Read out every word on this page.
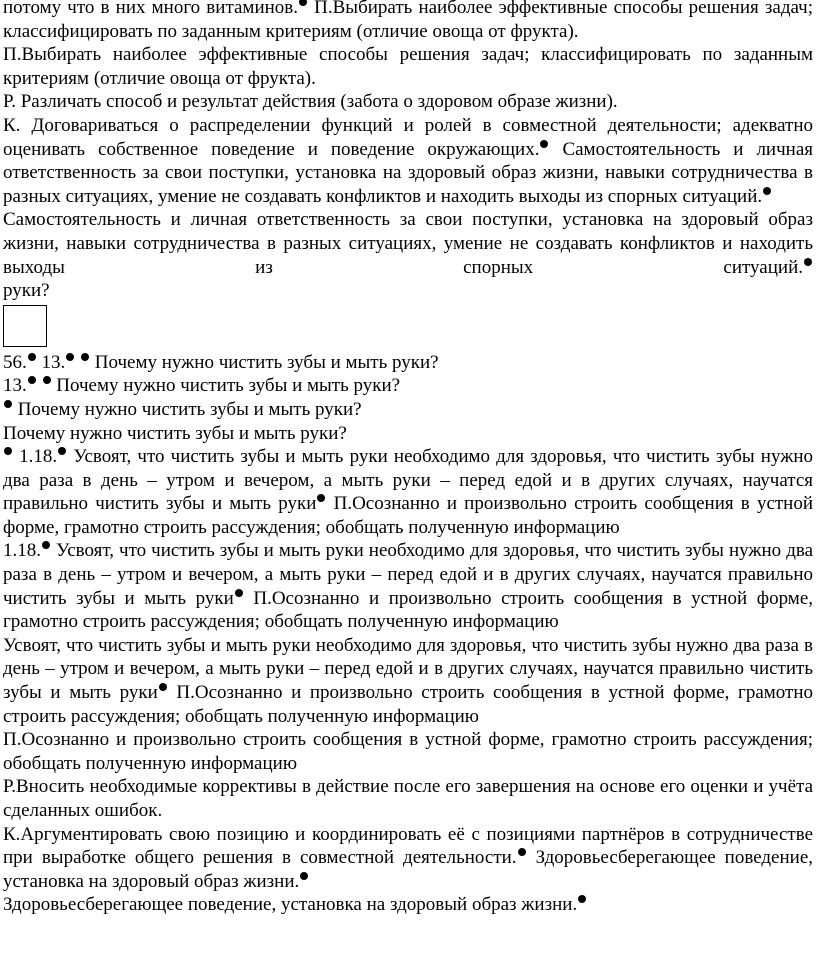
потому что в них много витаминов. П.Выбирать наиболее эффективные способы решения задач; классифицировать по заданным критериям (отличие овоща от фрукта).

П.Выбирать наиболее эффективные способы решения задач; классифицировать по заданным критериям (отличие овоща от фрукта).

Р. Различать способ и результат действия (забота о здоровом образе жизни).

К. Договариваться о распределении функций и ролей в совместной деятельности; адекватно оценивать собственное поведение и поведение окружающих. Самостоятельность и личная ответственность за свои поступки, установка на здоровый образ жизни, навыки сотрудничества в разных ситуациях, умение не создавать конфликтов и находить выходы из спорных ситуаций.

Самостоятельность и личная ответственность за свои поступки, установка на здоровый образ жизни, навыки сотрудничества в разных ситуациях, умение не создавать конфликтов и находить выходы из спорных ситуаций.

руки?

56. 13. Почему нужно чистить зубы и мыть руки?

13. Почему нужно чистить зубы и мыть руки?

Почему нужно чистить зубы и мыть руки?

Почему нужно чистить зубы и мыть руки?

1.18. Усвоят, что чистить зубы и мыть руки необходимо для здоровья, что чистить зубы нужно два раза в день – утром и вечером, а мыть руки – перед едой и в других случаях, научатся правильно чистить зубы и мыть руки П.Осознанно и произвольно строить сообщения в устной форме, грамотно строить рассуждения; обобщать полученную информацию

1.18. Усвоят, что чистить зубы и мыть руки необходимо для здоровья, что чистить зубы нужно два раза в день – утром и вечером, а мыть руки – перед едой и в других случаях, научатся правильно чистить зубы и мыть руки П.Осознанно и произвольно строить сообщения в устной форме, грамотно строить рассуждения; обобщать полученную информацию

Усвоят, что чистить зубы и мыть руки необходимо для здоровья, что чистить зубы нужно два раза в день – утром и вечером, а мыть руки – перед едой и в других случаях, научатся правильно чистить зубы и мыть руки П.Осознанно и произвольно строить сообщения в устной форме, грамотно строить рассуждения; обобщать полученную информацию

П.Осознанно и произвольно строить сообщения в устной форме, грамотно строить рассуждения; обобщать полученную информацию

Р.Вносить необходимые коррективы в действие после его завершения на основе его оценки и учёта сделанных ошибок.

К.Аргументировать свою позицию и координировать её с позициями партнёров в сотрудничестве при выработке общего решения в совместной деятельности. Здоровьесберегающее поведение, установка на здоровый образ жизни.

Здоровьесберегающее поведение, установка на здоровый образ жизни.
